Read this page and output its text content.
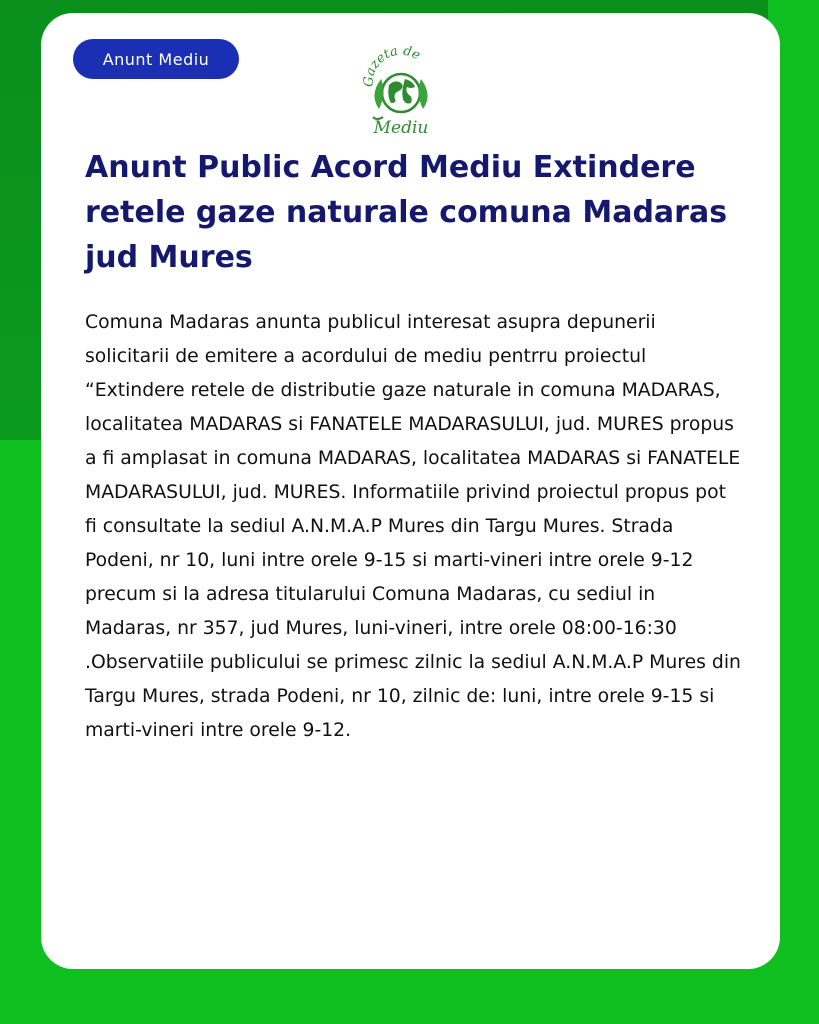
Anunt Mediu
Gazeta de
Mediu
Anunt Public Acord Mediu Extindere retele gaze naturale comuna Madaras jud Mures

Comuna Madaras anunta publicul interesat asupra depunerii solicitarii de emitere a acordului de mediu pentrru proiectul “Extindere retele de distributie gaze naturale in comuna MADARAS, localitatea MADARAS si FANATELE MADARASULUI, jud. MURES propus a fi amplasat in comuna MADARAS, localitatea MADARAS si FANATELE MADARASULUI, jud. MURES. Informatiile privind proiectul propus pot fi consultate la sediul A.N.M.A.P Mures din Targu Mures. Strada Podeni, nr 10, luni intre orele 9-15 si marti-vineri intre orele 9-12 precum si la adresa titularului Comuna Madaras, cu sediul in Madaras, nr 357, jud Mures, luni-vineri, intre orele 08:00-16:30 .Observatiile publicului se primesc zilnic la sediul A.N.M.A.P Mures din Targu Mures, strada Podeni, nr 10, zilnic de: luni, intre orele 9-15 si marti-vineri intre orele 9-12.
